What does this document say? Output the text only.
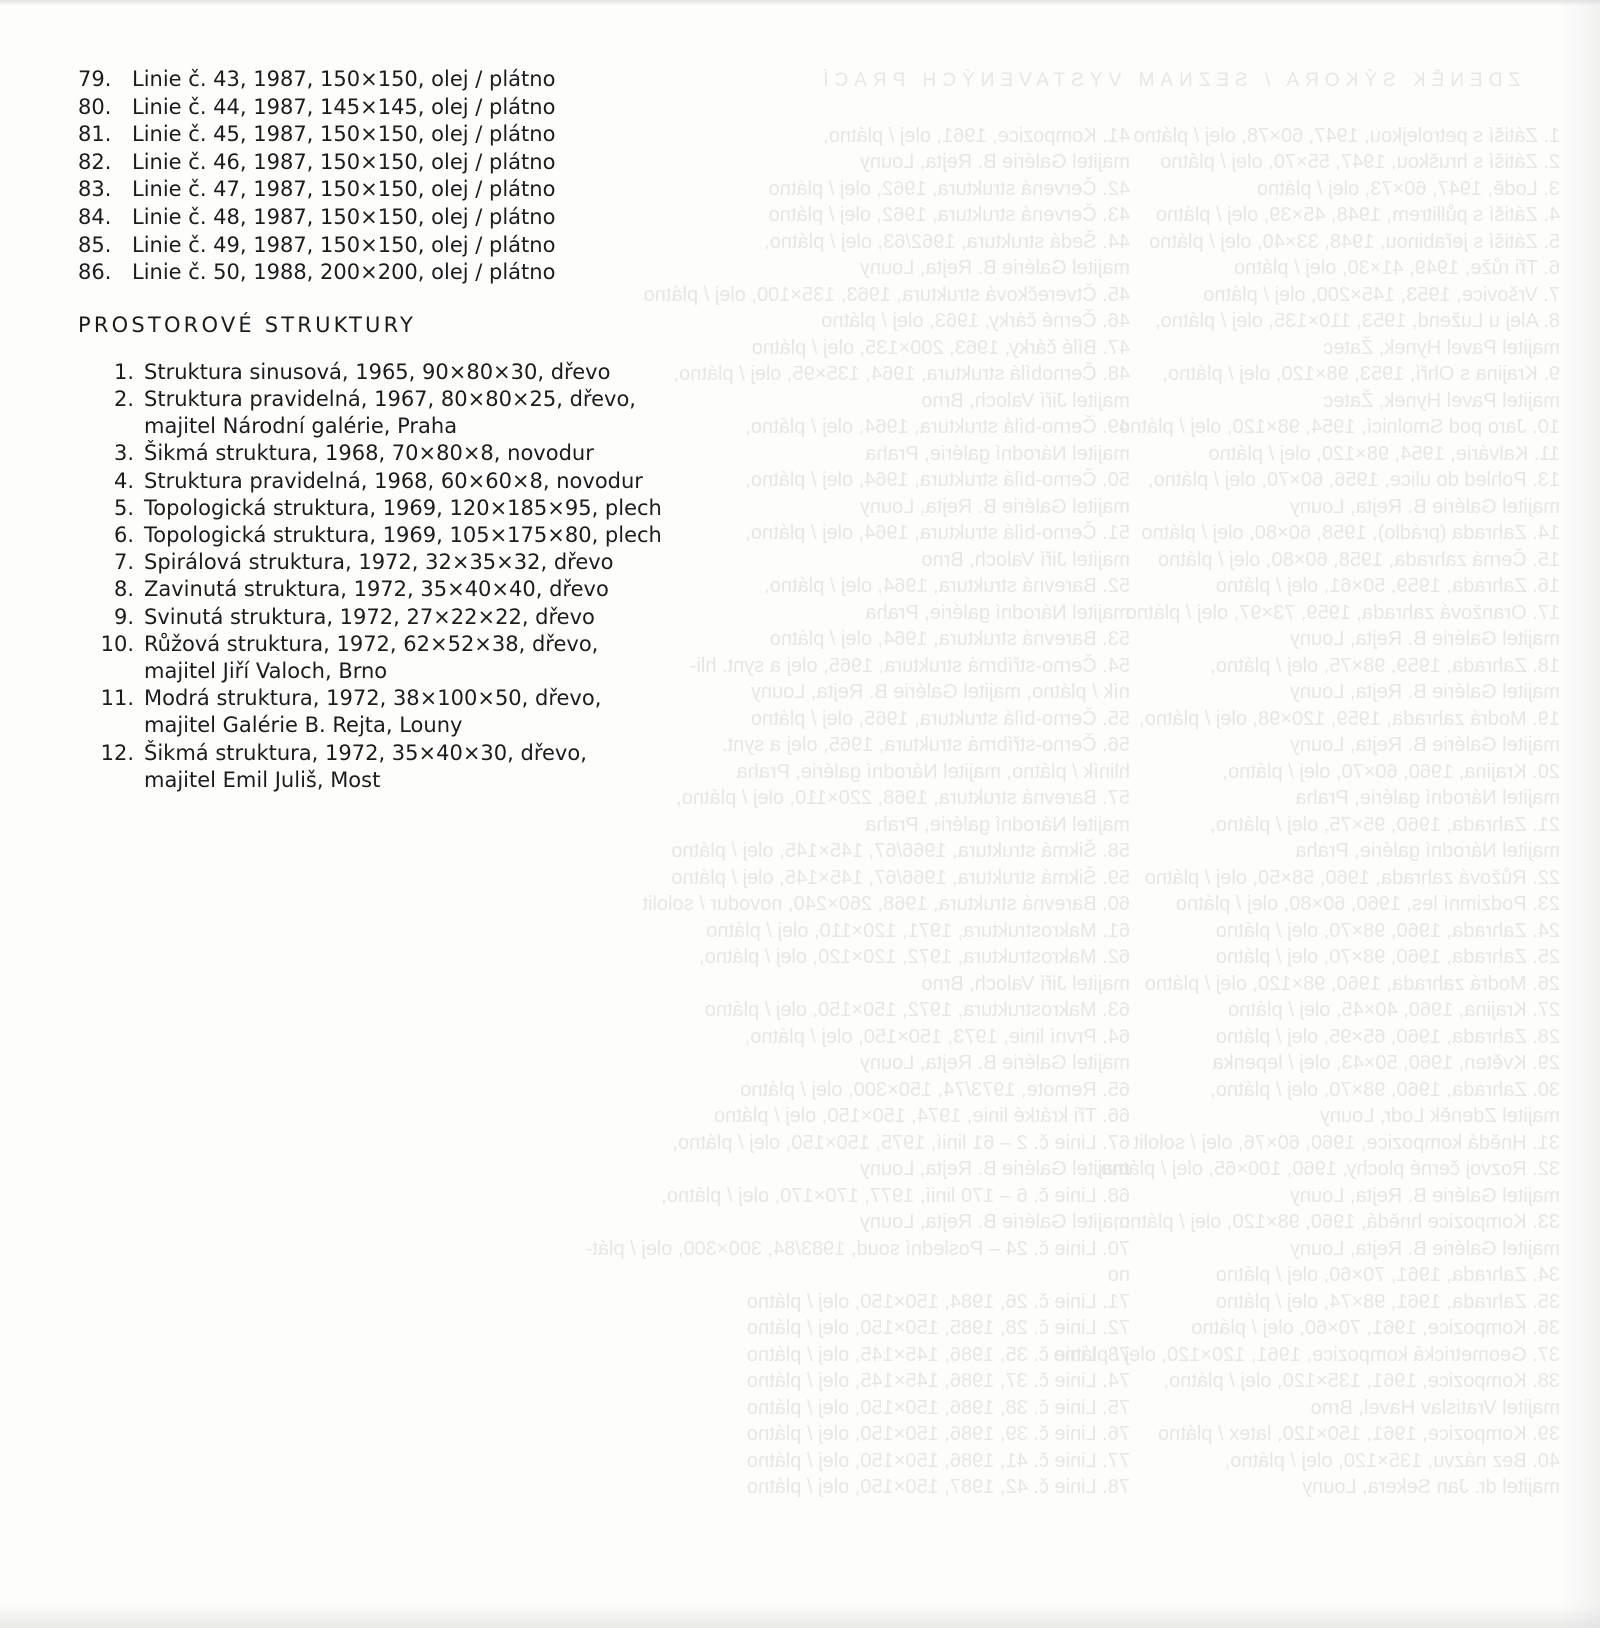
ZDENĚK SÝKORA / SEZNAM VYSTAVENÝCH PRACÍ
1. Zátiší s petrolejkou, 1947, 60×78, olej / plátno
2. Zátiší s hruškou, 1947, 55×70, olej / plátno
3. Lodě, 1947, 60×73, olej / plátno
4. Zátiší s půllitrem, 1948, 45×39, olej / plátno
5. Zátiší s jeřabinou, 1948, 33×40, olej / plátno
6. Tři růže, 1949, 41×30, olej / plátno
7. Vršovice, 1953, 145×200, olej / plátno
8. Alej u Lužend, 1953, 110×135, olej / plátno,
majitel Pavel Hynek, Žatec
9. Krajina s Ohří, 1953, 98×120, olej / plátno,
majitel Pavel Hynek, Žatec
10. Jaro pod Smolnicí, 1954, 98×120, olej / plátno
11. Kalvárie, 1954, 98×120, olej / plátno
13. Pohled do ulice, 1956, 60×70, olej / plátno,
majitel Galérie B. Rejta, Louny
14. Zahrada (prádlo), 1958, 60×80, olej / plátno
15. Černá zahrada, 1958, 60×80, olej / plátno
16. Zahrada, 1959, 50×61, olej / plátno
17. Oranžová zahrada, 1959, 73×97, olej / plátno
majitel Galérie B. Rejta, Louny
18. Zahrada, 1959, 98×75, olej / plátno,
majitel Galérie B. Rejta, Louny
19. Modrá zahrada, 1959, 120×98, olej / plátno,
majitel Galérie B. Rejta, Louny
20. Krajina, 1960, 60×70, olej / plátno,
majitel Národní galérie, Praha
21. Zahrada, 1960, 95×75, olej / plátno,
majitel Národní galérie, Praha
22. Růžová zahrada, 1960, 58×50, olej / plátno
23. Podzimní les, 1960, 60×80, olej / plátno
24. Zahrada, 1960, 98×70, olej / plátno
25. Zahrada, 1960, 98×70, olej / plátno
26. Modrá zahrada, 1960, 98×120, olej / plátno
27. Krajina, 1960, 40×45, olej / plátno
28. Zahrada, 1960, 65×95, olej / plátno
29. Květen, 1960, 50×43, olej / lepenka
30. Zahrada, 1960, 98×70, olej / plátno,
majitel Zdeněk Lodr, Louny
31. Hnědá kompozice, 1960, 60×76, olej / sololit
32. Rozvoj černé plochy, 1960, 100×65, olej / plátno,
majitel Galérie B. Rejta, Louny
33. Kompozice hnědá, 1960, 98×120, olej / plátno,
majitel Galérie B. Rejta, Louny
34. Zahrada, 1961, 70×60, olej / plátno
35. Zahrada, 1961, 98×74, olej / plátno
36. Kompozice, 1961, 70×60, olej / plátno
37. Geometrická kompozice, 1961, 120×120, olej / plátno
38. Kompozice, 1961, 135×120, olej / plátno,
majitel Vratislav Havel, Brno
39. Kompozice, 1961, 150×120, latex / plátno
40. Bez názvu, 135×120, olej / plátno,
majitel dr. Jan Sekera, Louny
41. Kompozice, 1961, olej / plátno,
majitel Galérie B. Rejta, Louny
42. Červená struktura, 1962, olej / plátno
43. Červená struktura, 1962, olej / plátno
44. Šedá struktura, 1962/63, olej / plátno,
majitel Galérie B. Rejta, Louny
45. Čtverečková struktura, 1963, 135×100, olej / plátno
46. Černé čárky, 1963, olej / plátno
47. Bílé čárky, 1963, 200×135, olej / plátno
48. Černobílá struktura, 1964, 135×95, olej / plátno,
majitel Jiří Valoch, Brno
49. Černo-bílá struktura, 1964, olej / plátno,
majitel Národní galérie, Praha
50. Černo-bílá struktura, 1964, olej / plátno,
majitel Galérie B. Rejta, Louny
51. Černo-bílá struktura, 1964, olej / plátno,
majitel Jiří Valoch, Brno
52. Barevná struktura, 1964, olej / plátno,
majitel Národní galérie, Praha
53. Barevná struktura, 1964, olej / plátno
54. Černo-stříbrná struktura, 1965, olej a synt. hli-
ník / plátno, majitel Galérie B. Rejta, Louny
55. Černo-bílá struktura, 1965, olej / plátno
56. Černo-stříbrná struktura, 1965, olej a synt.
hliník / plátno, majitel Národní galérie, Praha
57. Barevná struktura, 1968, 220×110, olej / plátno,
majitel Národní galérie, Praha
58. Šikmá struktura, 1966/67, 145×145, olej / plátno
59. Šikmá struktura, 1966/67, 145×145, olej / plátno
60. Barevná struktura, 1968, 260×240, novodur / sololit
61. Makrostruktura, 1971, 120×110, olej / plátno
62. Makrostruktura, 1972, 120×120, olej / plátno,
majitel Jiří Valoch, Brno
63. Makrostruktura, 1972, 150×150, olej / plátno
64. První linie, 1973, 150×150, olej / plátno,
majitel Galérie B. Rejta, Louny
65. Remote, 1973/74, 150×300, olej / plátno
66. Tři krátké linie, 1974, 150×150, olej / plátno
67. Linie č. 2 – 61 linií, 1975, 150×150, olej / plátno,
majitel Galérie B. Rejta, Louny
68. Linie č. 6 – 170 linií, 1977, 170×170, olej / plátno,
majitel Galérie B. Rejta, Louny
70. Linie č. 24 – Poslední soud, 1983/84, 300×300, olej / plát-
no
71. Linie č. 26, 1984, 150×150, olej / plátno
72. Linie č. 28, 1985, 150×150, olej / plátno
73. Linie č. 35, 1986, 145×145, olej / plátno
74. Linie č. 37, 1986, 145×145, olej / plátno
75. Linie č. 38, 1986, 150×150, olej / plátno
76. Linie č. 39, 1986, 150×150, olej / plátno
77. Linie č. 41, 1986, 150×150, olej / plátno
78. Linie č. 42, 1987, 150×150, olej / plátno
79. Linie č. 43, 1987, 150×150, olej / plátno
80. Linie č. 44, 1987, 145×145, olej / plátno
81. Linie č. 45, 1987, 150×150, olej / plátno
82. Linie č. 46, 1987, 150×150, olej / plátno
83. Linie č. 47, 1987, 150×150, olej / plátno
84. Linie č. 48, 1987, 150×150, olej / plátno
85. Linie č. 49, 1987, 150×150, olej / plátno
86. Linie č. 50, 1988, 200×200, olej / plátno
PROSTOROVÉ STRUKTURY
1. Struktura sinusová, 1965, 90×80×30, dřevo
2. Struktura pravidelná, 1967, 80×80×25, dřevo,
majitel Národní galérie, Praha
3. Šikmá struktura, 1968, 70×80×8, novodur
4. Struktura pravidelná, 1968, 60×60×8, novodur
5. Topologická struktura, 1969, 120×185×95, plech
6. Topologická struktura, 1969, 105×175×80, plech
7. Spirálová struktura, 1972, 32×35×32, dřevo
8. Zavinutá struktura, 1972, 35×40×40, dřevo
9. Svinutá struktura, 1972, 27×22×22, dřevo
10. Růžová struktura, 1972, 62×52×38, dřevo,
majitel Jiří Valoch, Brno
11. Modrá struktura, 1972, 38×100×50, dřevo,
majitel Galérie B. Rejta, Louny
12. Šikmá struktura, 1972, 35×40×30, dřevo,
majitel Emil Juliš, Most
